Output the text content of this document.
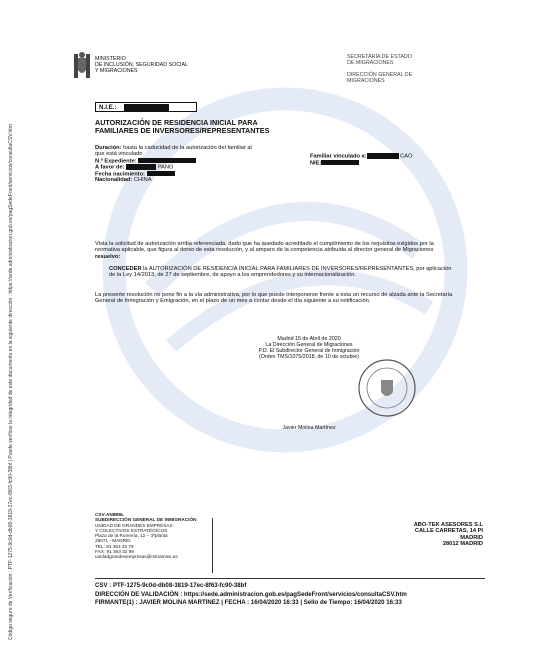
Código seguro de Verificación : PTF-1275-9c0d-db08-3819-17ec-8f63-fc90-38bf | Puede verificar la integridad de este documento en la siguiente dirección : https://sede.administracion.gob.es/pagSedeFront/servicios/consultaCSV.htm
MINISTERIO
DE INCLUSIÓN, SEGURIDAD SOCIAL
Y MIGRACIONES
SECRETARÍA DE ESTADO
DE MIGRACIONES
DIRECCIÓN GENERAL DE
MIGRACIONES
N.I.E.:
AUTORIZACIÓN DE RESIDENCIA INICIAL PARA
FAMILIARES DE INVERSORES/REPRESENTANTES
Duración: hasta la caducidad de la autorización del familiar al
que está vinculado
N.º Expediente:
A favor de:	PANG
Fecha nacimiento:
Nacionalidad: CHINA
Familiar vinculado a:	CAO
NIE:
Vista la solicitud de autorización arriba referenciada, dado que ha quedado acreditado el cumplimiento de los requisitos exigidos por la normativa aplicable, que figura al dorso de esta resolución, y al amparo de la competencia atribuida al director general de Migraciones resuelvo:
CONCEDER la AUTORIZACIÓN DE RESIDENCIA INICIAL PARA FAMILIARES DE INVERSORES/REPRESENTANTES, por aplicación de la Ley 14/2013, de 27 de septiembre, de apoyo a los emprendedores y su internacionalización.
La presente resolución no pone fin a la vía administrativa, por lo que puede interponerse frente a esta un recurso de alzada ante la Secretaría General de Inmigración y Emigración, en el plazo de un mes a contar desde el día siguiente a su notificación.
Madrid 15 de Abril de 2020
La Dirección General de Migraciones
P.D. El Subdirector General de Inmigración
(Orden TMS/1075/2018, de 10 de octubre)
Javier Molina Martínez
CSV:AN8B6L
SUBDIRECCIÓN GENERAL DE INMIGRACIÓN
UNIDAD DE GRANDES EMPRESAS
Y COLECTIVOS ESTRATÉGICOS
Plaza de la Romería, 12 – 3ªplanta
28071 - MADRID
TEL: 91 363 32 75
FAX: 91 363 32 99
unidadgrandesempresas@mitramiss.es
ABO-TEK ASESORES S.L
CALLE CARRETAS, 14 PI
MADRID
28012 MADRID
CSV : PTF-1275-9c0d-db08-3819-17ec-8f63-fc90-38bf
DIRECCIÓN DE VALIDACIÓN : https://sede.administracion.gob.es/pagSedeFront/servicios/consultaCSV.htm
FIRMANTE(1) : JAVIER MOLINA MARTINEZ | FECHA : 16/04/2020 16:33 | Sello de Tiempo: 16/04/2020 16:33
